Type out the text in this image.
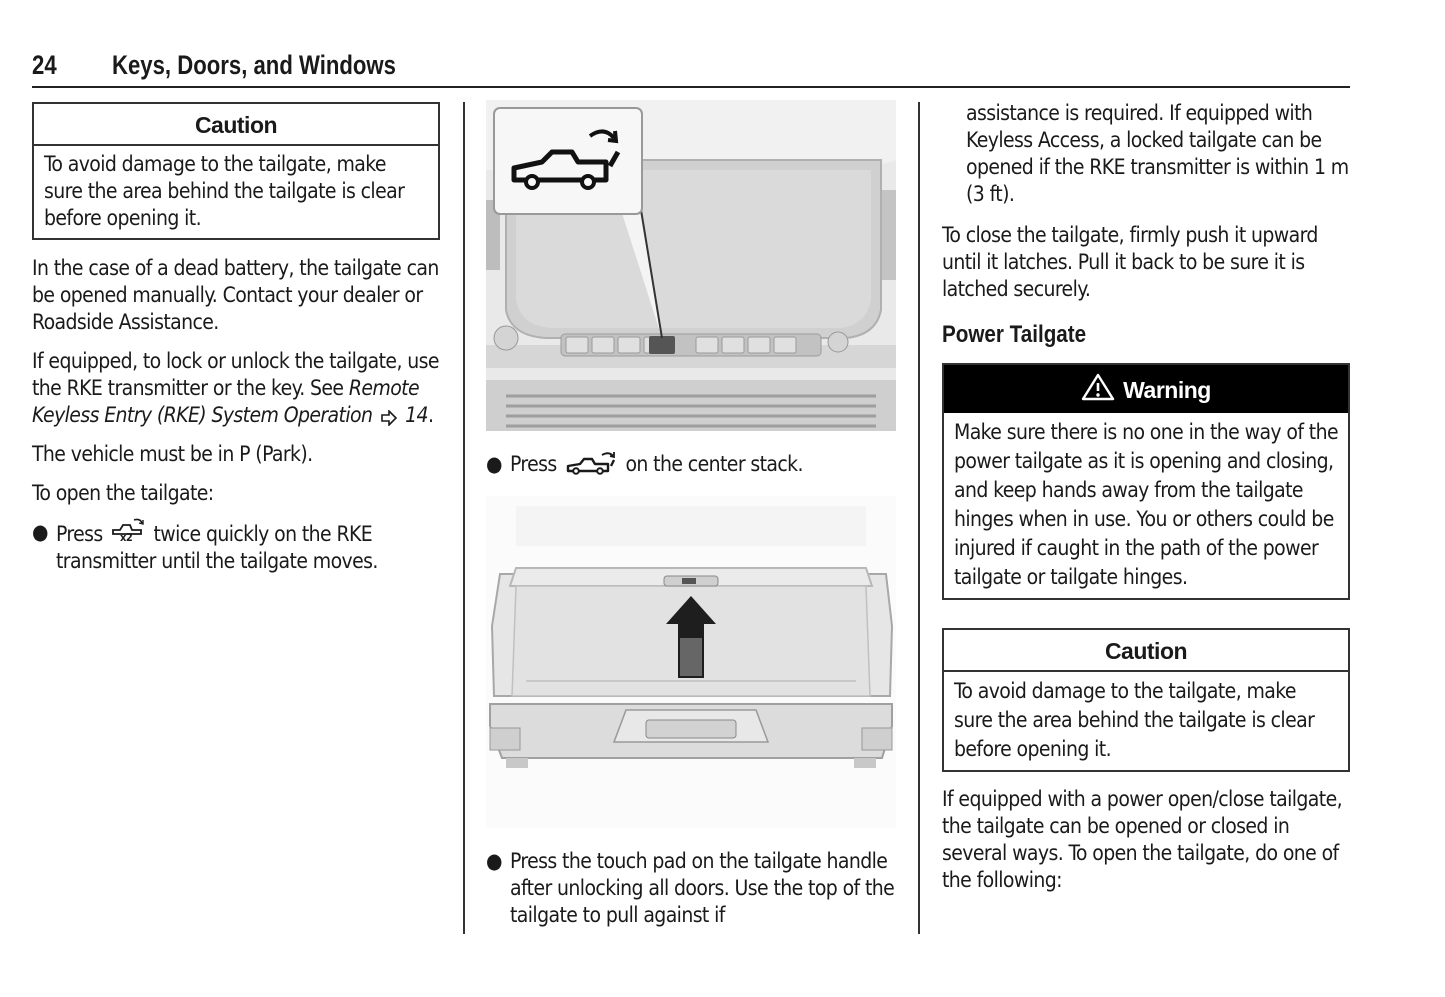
24 Keys, Doors, and Windows
Caution

To avoid damage to the tailgate, make sure the area behind the tailgate is clear before opening it.

In the case of a dead battery, the tailgate can be opened manually. Contact your dealer or Roadside Assistance.

If equipped, to lock or unlock the tailgate, use the RKE transmitter or the key. See Remote Keyless Entry (RKE) System Operation 14.

The vehicle must be in P (Park).

To open the tailgate:

● Press x2 twice quickly on the RKE transmitter until the tailgate moves.

● Press	on the center stack.

● Press the touch pad on the tailgate handle after unlocking all doors. Use the top of the tailgate to pull against if

assistance is required. If equipped with Keyless Access, a locked tailgate can be opened if the RKE transmitter is within 1 m (3 ft).

To close the tailgate, firmly push it upward until it latches. Pull it back to be sure it is latched securely.

Power Tailgate
Warning

Make sure there is no one in the way of the power tailgate as it is opening and closing, and keep hands away from the tailgate hinges when in use. You or others could be injured if caught in the path of the power tailgate or tailgate hinges.

Caution

To avoid damage to the tailgate, make sure the area behind the tailgate is clear before opening it.

If equipped with a power open/close tailgate, the tailgate can be opened or closed in several ways. To open the tailgate, do one of the following:
